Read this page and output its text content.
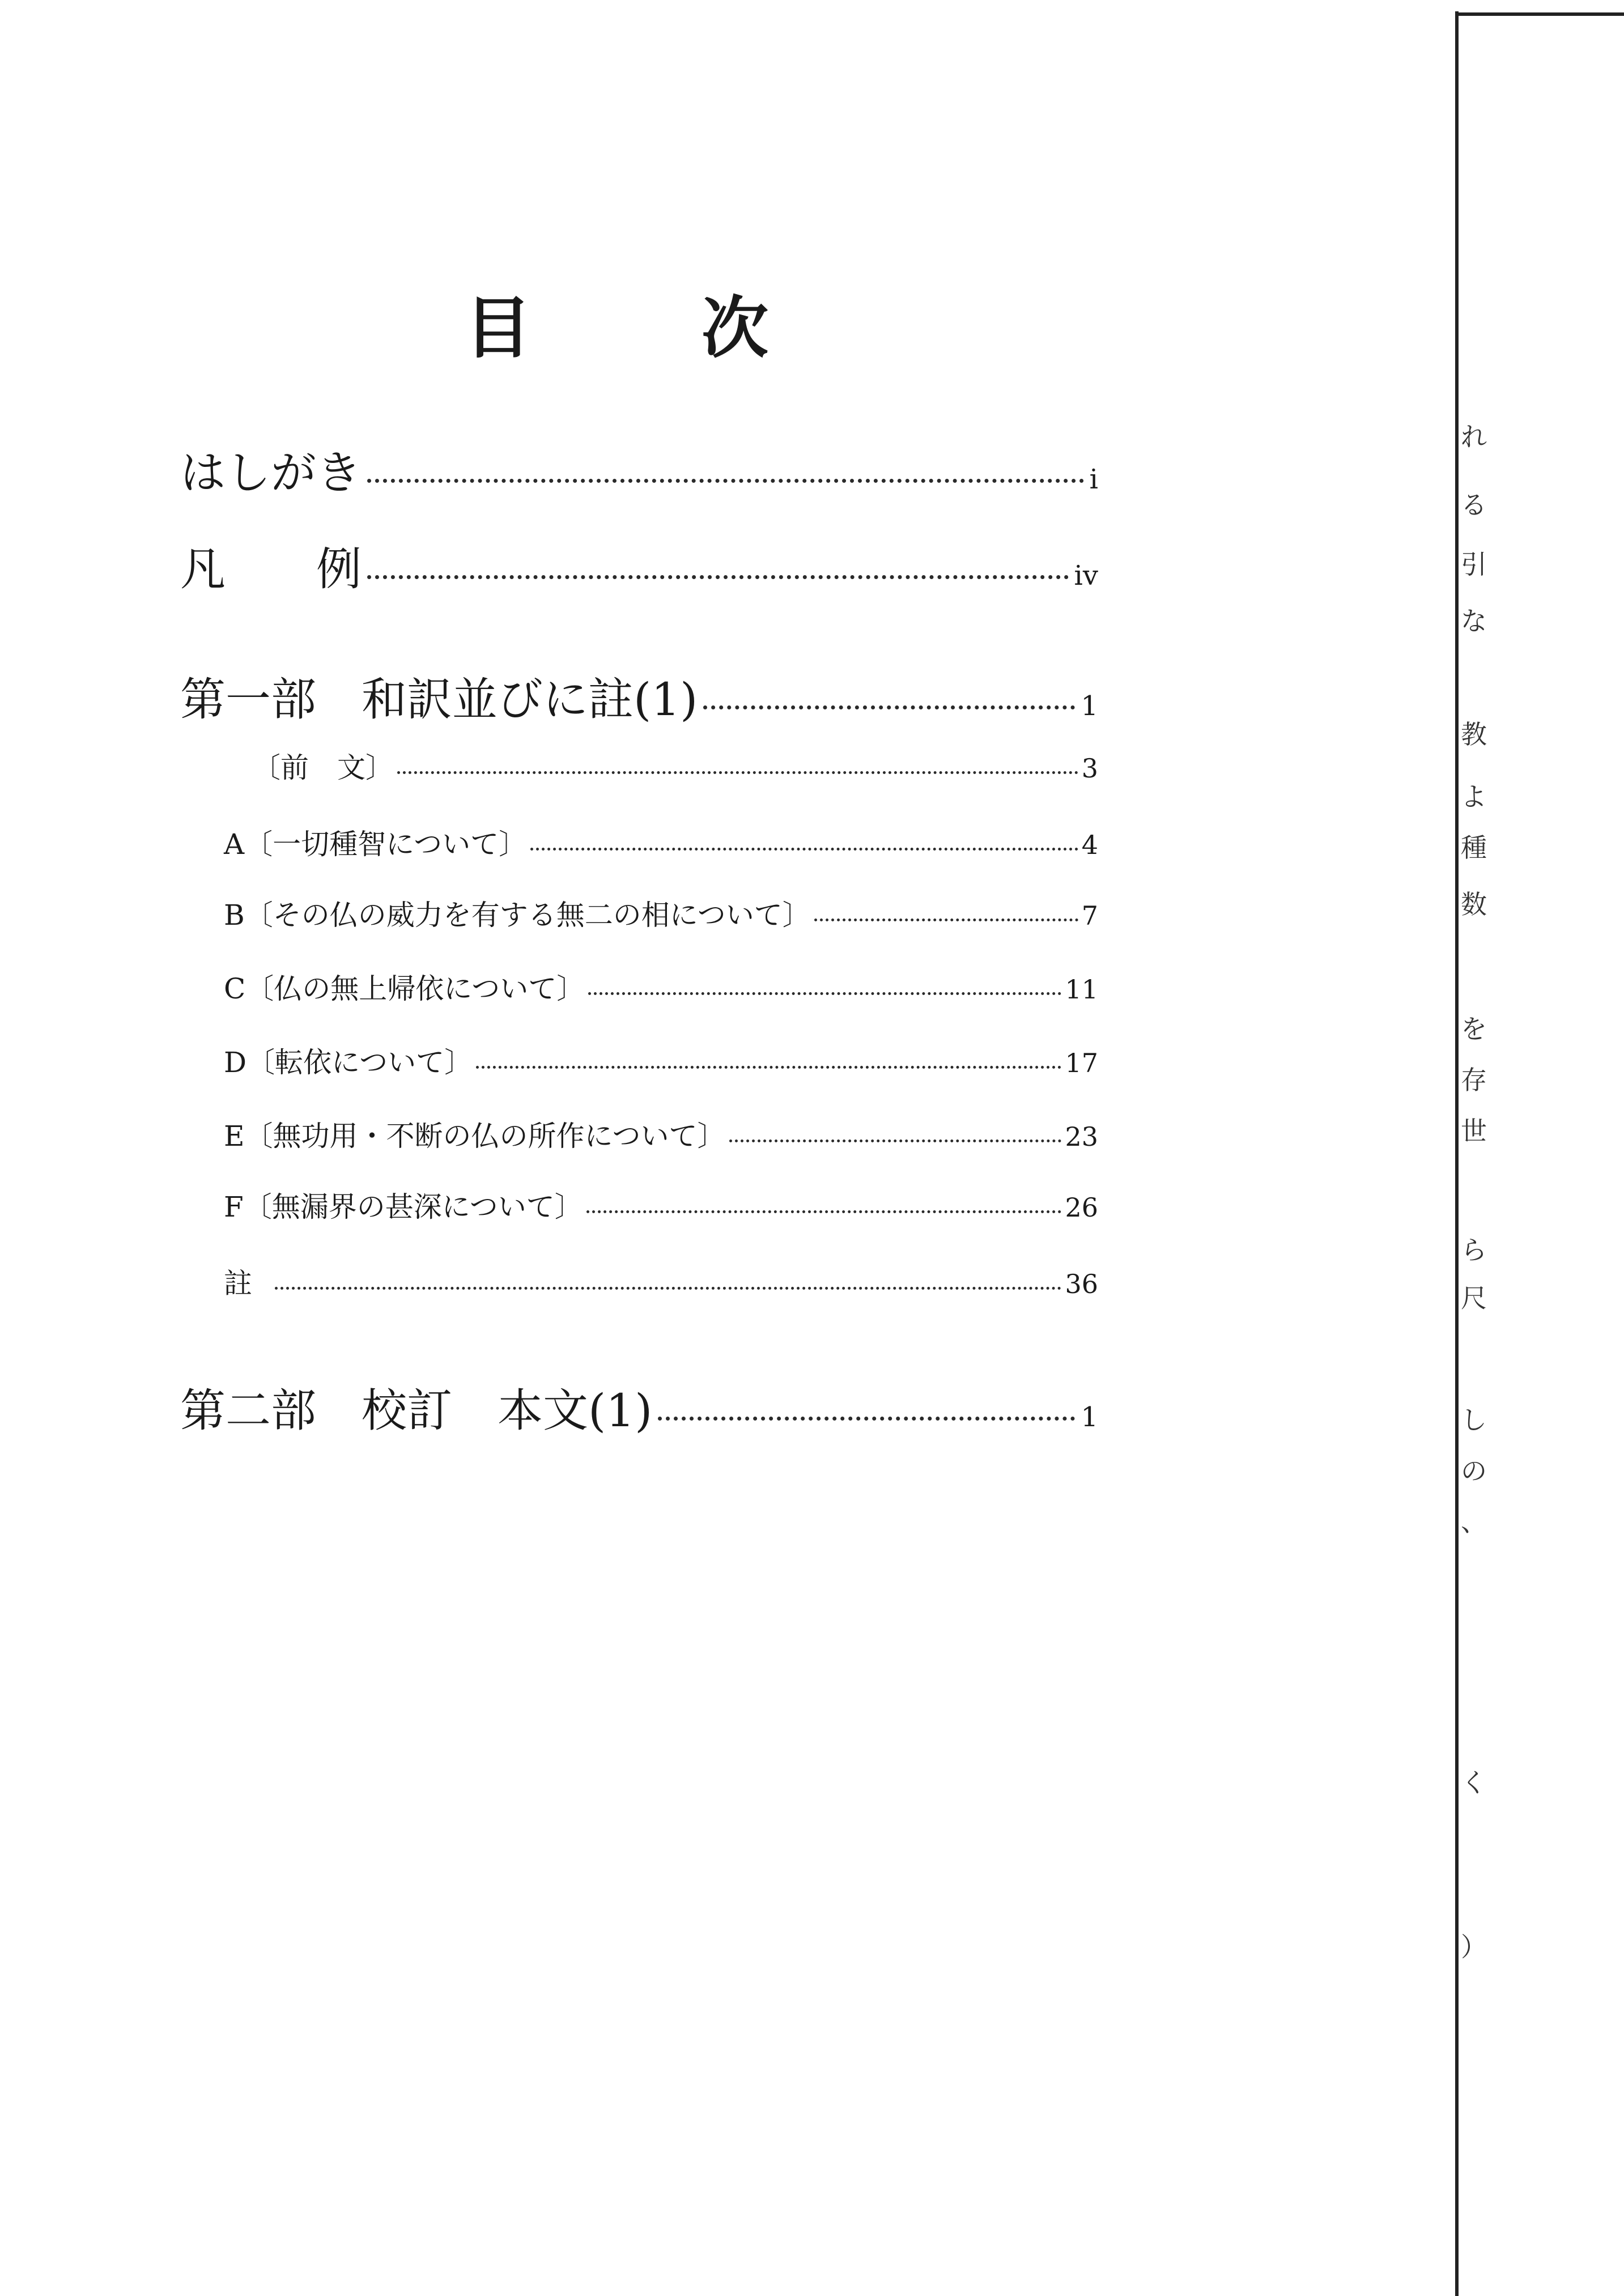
目	次
はしがき	i
凡 例	iv
第一部　和訳並びに註(1)	1
〔前　文〕	3
A〔一切種智について〕	4
B〔その仏の威力を有する無二の相について〕	7
C〔仏の無上帰依について〕	11
D〔転依について〕	17
E〔無功用・不断の仏の所作について〕	23
F〔無漏界の甚深について〕	26
註	36
第二部　校訂　本文(1)	1
れ
る
引
な
教
よ
種
数
を
存
世
ら
尺
し
の
、
く
）
